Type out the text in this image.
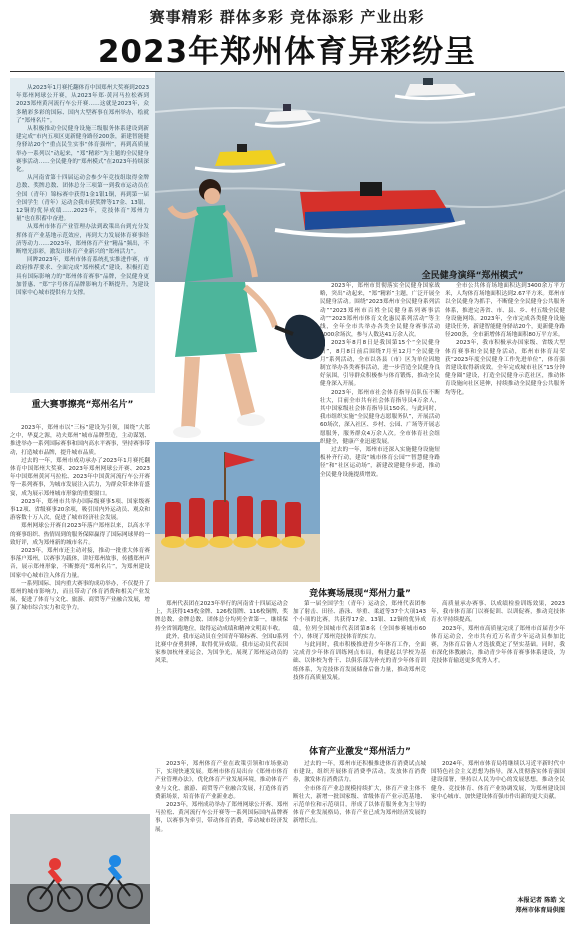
赛事精彩 群体多彩 竞体添彩 产业出彩
2023年郑州体育异彩纷呈

从2023年1月赛托翻体育中国郑州大奖赛到2023年郑州网球公开赛，从2023年郑·黄河马拉松赛到2023郑州黄河流行车公开赛……这就是2023年，众多精彩多彩的国际、国内大型赛事在郑州举办，绘就了“郑州名片”。

从积极推动全民健身设施三级服务体系建设到新建完成“市内五项区更新健身路径200条，新建智能健身驿站20个”重点民生实事“体育强州”，再到高质量举办一系列以“动起来，“郑”精彩”为主题的全民健身赛事活动……全民健身的“郑州模式”在2023年持续深化。

从河南省第十四届运动会参少年竞技组取得金牌总数、奖牌总数、团体总分三项第一到我市运动员在全国（青年）锦标赛中获得1金1银1铜，再到第一届全国学生（青年）运动会我市获奖牌等17金、13银、12铜的优异成绩……2023年，竞技体育“郑州力量”也在积蓄中奋进。

从郑州市体育产业管理办法到政策出台到充分发挥体育产业基地示范效应，再到大力发展体育赛事经济等动力……2023年，郑州体育产业“精品”频出，不断增光添彩，激发出体育产业新兴的“郑州活力”。

回眸2023年，郑州市体育系统扎实推进作赛，市政府推荐要求、全面完成“郑州模式”建设，积极打造具有国际影响力的“郑州体育赛事”品牌，全民健身更加普惠、“郑”字号体育品牌影响力不断提升，为建设国家中心城市提供有力支撑。

全民健身演绎“郑州模式”

2023年，郑州市贯彻落实全民健身国家战略，突出“动起来，“郑”精彩”主题，广泛开展全民健身活动。围绕“2023郑州市全民健身系列活动”“2023郑州市百姓全民健身系列赛事活动”“2023郑州市体育文化惠民系列活动”等主线，全年全市共举办各类全民健身赛事活动7000余场次，参与人数达41万余人次。

2023年8月8日是我国第15个“全民健身日”，8月8日前后围绕7月至12月“全民健身月”系列活动，全市以各县（市）区为单位因地制宜举办各类赛事活动，进一步营造全民健身良好氛围，引导群众积极参与体育锻炼，推动全民健身深入开展。

2023年，郑州市社会体育指导员队伍不断壮大，目前全市共有社会体育指导员4万余人，其中国家级社会体育指导员150名。与此同时，我市组织实施“全民健身志愿服务队”，开展活动60场次，深入社区、乡村、公园、广场等开展志愿服务，服务群众4万余人次。全市体育社会组织健全，健康产业迅速发展。

过去的一年，郑州市还深入实施健身设施短板补齐行动，建设“城市体育公园”“智慧健身路径”和“社区运动场”，新建改建健身步道，推动全民健身设施提质增效。

全市公共体育场地面积达到3400余万平方米，人均体育场地面积达到2.67平方米。郑州市以全民健身为抓手，不断健全全民健身公共服务体系，推进完善省、市、县、乡、村五级全民健身设施网络。2023年，全市完成各类健身设施建设任务，新建智能健身驿站20个，更新健身路径200条，全市新增体育场地面积80万平方米。

2023年，我市积极承办国家级、省级大型体育赛事和全民健身活动，郑州市体育局荣获“2023年度全民健身工作先进单位”，体育强省建设取得新成效。全年完成城市社区“15分钟健身圈”建设，打造全民健身示范社区，推动体育设施向社区延伸，持续推动全民健身公共服务均等化。

重大赛事擦亮“郑州名片”

2023年，郑州市以“三标”建设为引领，围绕“大郑之中，华夏之源，功夫郑州”城市品牌塑造，主动谋划、推进举办一系列国际赛事和国内高水平赛事，坚持赛事带动，打造城市品牌，提升城市品质。

过去的一年，郑州市成功承办了2023年1月赛托翻体育中国郑州大奖赛、2023年郑州网球公开赛、2023年中国郑州黄河马拉松、2023年中国黄河流行车公开赛等一系列赛事，为城市发展注入活力，为群众带来体育盛宴，成为展示郑州城市形象的重要窗口。

2023年，郑州市共举办国际级赛事5项、国家级赛事12项、省级赛事20余项，吸引国内外运动员、观众和游客数十万人次，促进了城市经济社会发展。

郑州网球公开赛自2023年落户郑州以来，以高水平的赛事组织、热情周到的服务保障赢得了国际网球界的一致好评，成为郑州新的城市名片。

2023年，郑州市还主动对接，推动一批重大体育赛事落户郑州，以赛事为载体，讲好郑州故事，传播郑州声音，展示郑州形象，不断擦亮“郑州名片”，为郑州建设国家中心城市注入体育力量。

一系列国际、国内重大赛事的成功举办，不仅提升了郑州的城市影响力，而且带动了体育消费和相关产业发展，促进了体育与文化、旅游、商贸等产业融合发展，增强了城市综合实力和竞争力。

竞体赛场展现“郑州力量”

郑州代表团在2023年举行的河南省十四届运动会上，共获得143枚金牌、126枚银牌、116枚铜牌，奖牌总数、金牌总数、团体总分均列全省第一，继续保持全省领跑地位，取得运动成绩和精神文明双丰收。

此外，我市运动员在全国青年锦标赛、全国U系列比赛中奋勇拼搏，取得优异成绩。我市运动员代表国家参加杭州亚运会，为国争光，展现了郑州运动员的风采。

第一届全国学生（青年）运动会，郑州代表团参加了射击、田径、游泳、举重、柔道等37个大项143个小项的比赛，共获得17金、13银、12铜的优异成绩，位列全国城市代表团第8名（全国参赛城市60个），体现了郑州竞技体育的实力。

与此同时，我市积极推进青少年体育工作，全面完成青少年体育训练网点布局，构建起以学校为基础、以体校为骨干、以俱乐部为补充的青少年体育训练体系，为竞技体育发展储备后备力量，推动郑州竞技体育高质量发展。

高质量承办赛事、以成绩检验训练效果，2023年，我市体育部门以赛促训、以训促赛，推动竞技体育水平持续提高。

2023年，郑州市高质量完成了郑州市首届青少年体育运动会，全市共有近万名青少年运动员参加比赛，为体育后备人才选拔奠定了坚实基础。同时，我市深化体教融合，推动青少年体育赛事体系建设，为竞技体育输送更多优秀人才。

体育产业激发“郑州活力”

2023年，郑州体育产业在政策引领和市场驱动下，实现快速发展。郑州市体育局出台《郑州市体育产业管理办法》，优化体育产业发展环境，推动体育产业与文化、旅游、商贸等产业融合发展，打造体育消费新场景，培育体育产业新业态。

2023年，郑州成功举办了郑州网球公开赛、郑州马拉松、黄河流行车公开赛等一系列国际国内品牌赛事，以赛事为牵引，带动体育消费，带动城市经济发展。

过去的一年，郑州市还积极推进体育消费试点城市建设，组织开展体育消费季活动，发放体育消费券，激发体育消费活力。

全市体育产业总规模持续扩大，体育产业主体不断壮大，新增一批国家级、省级体育产业示范基地、示范单位和示范项目，形成了以体育服务业为主导的体育产业发展格局，体育产业已成为郑州经济发展的新增长点。

2024年，郑州市体育局将继续以习近平新时代中国特色社会主义思想为指导，深入贯彻落实体育强国建设部署，坚持以人民为中心的发展思想，推动全民健身、竞技体育、体育产业协调发展，为郑州建设国家中心城市、加快建设体育强市作出新的更大贡献。

本报记者 陈皓 文
郑州市体育局供图
